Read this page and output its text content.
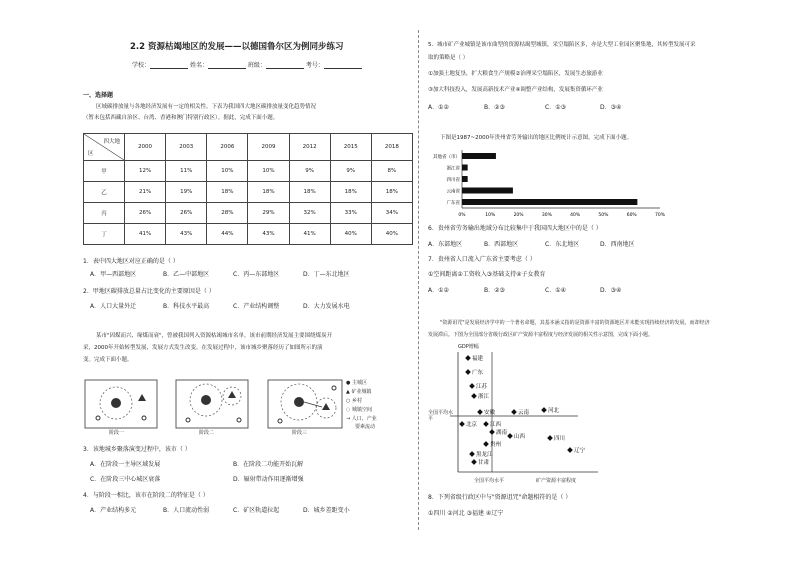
2.2 资源枯竭地区的发展——以德国鲁尔区为例同步练习
学校：	姓名：	班级：	考号：
一、选择题
区域碳排放量与各地经济发展有一定的相关性。下表为我国四大地区碳排放量变化趋势情况
（暂未包括西藏自治区、台湾、香港和澳门特别行政区）。据此，完成下面小题。
四大地
区	2000	2003	2006	2009	2012	2015	2018
甲	12%	11%	10%	10%	9%	9%	8%
乙	21%	19%	18%	18%	18%	18%	18%
丙	26%	26%	28%	29%	32%	33%	34%
丁	41%	43%	44%	43%	41%	40%	40%
1．表中四大地区对应正确的是（ ）
A．甲—西部地区	B．乙—中部地区	C．丙—东部地区	D．丁—东北地区
2．甲地区碳排放总量占比变化的主要原因是（ ）
A．人口大量外迁	B．科技水平最高	C．产业结构调整	D．大力发展水电
某市"因煤而兴、缘煤而衰"，曾被我国列入资源枯竭城市名单。该市前期经济发展主要围绕煤炭开
采，2000年开始转型发展，发展方式发生改变。在发展过程中，该市城乡聚落经历了如图所示的演
变。完成下面小题。
阶段一	阶段二	阶段三
● 主城区
▲ 矿业城镇
○ 乡村
◌ 城镇空间
→ 人口、产业
要素流动
3．该地城乡聚落演变过程中，该市（ ）
A．在阶段一主导区域发展	B．在阶段二功能开始瓦解
C．在阶段三中心城区衰落	D．辐射带动作用逐渐增强
4．与阶段一相比，该市在阶段二的特征是（ ）
A．产业结构多元	B．人口流动性弱	C．矿区轨道拉起	D．城乡差距变小
5．城市矿产业城镇是该市曲型的资源枯竭型城镇，采空塌陷区多，亦是大型工业园区聚集地，其转型发展可采
取的策略是（ ）
①加强土地复垦，扩大粮食生产规模②治理采空塌陷区，发展生态旅游业
③加大科技投入，发展高新技术产业④调整产业结构，发展集资循环产业
A．①②	B．②③	C．①③	D．③④
下图是1987~2000年贵州省劳务输出的地区比例统计示意图。完成下面小题。
其他省（市）
浙江省
四川省
云南省
广东省
0%	10%	20%	30%	40%	50%	60%	70%
6．贵州省劳务输出地域分布比较集中于我国四大地区中的是（ ）
A．东部地区	B．西部地区	C．东北地区	D．西南地区
7．贵州省人口流入广东省主要考虑（ ）
①空间距离②工资收入③基础支持④子女教育
A．①②	B．②③	C．①④	D．③④
"资源诅咒"是发展经济学中的一个著名命题，其基本涵义指的是资源丰富的资源地区并未能实现持续经济的发展，而却经济
发展滞后。下图为全国部分省级行政区矿产资源丰富程度与经济发展的相关性示意图，完成下面小题。
福建
广东
江苏
浙江
安徽	云南	河北
北京 江西
湖南
山西	四川
贵州
黑龙江
甘肃
辽宁
GDP增幅
全国平均水平
全国平均水平	矿产资源丰富程度
8．下列省级行政区中与"资源诅咒"命题相符的是（ ）
①四川 ②河北 ③福建 ④辽宁
